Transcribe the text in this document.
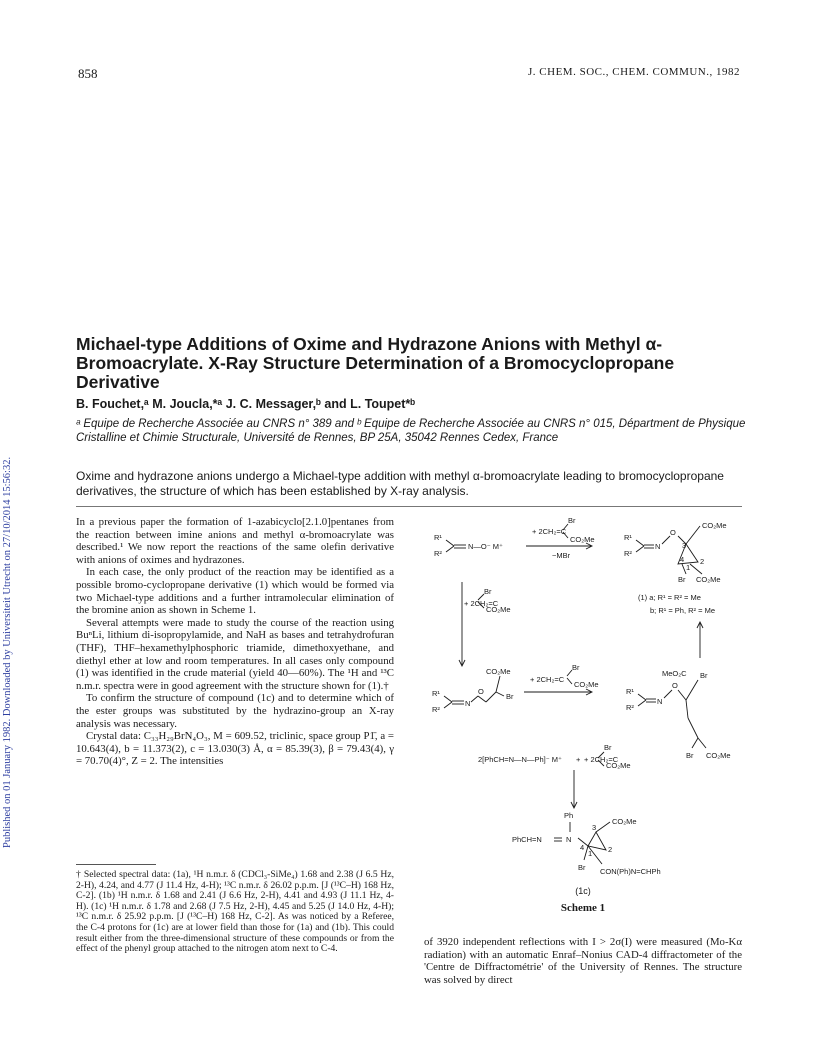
Published on 01 January 1982. Downloaded by Universiteit Utrecht on 27/10/2014 15:56:32.
858	J. CHEM. SOC., CHEM. COMMUN., 1982
Michael-type Additions of Oxime and Hydrazone Anions with Methyl α-Bromoacrylate. X-Ray Structure Determination of a Bromocyclopropane Derivative
B. Fouchet,ᵃ M. Joucla,*ᵃ J. C. Messager,ᵇ and L. Toupet*ᵇ
ᵃ Equipe de Recherche Associée au CNRS n° 389 and ᵇ Equipe de Recherche Associée au CNRS n° 015, Départment de Physique Cristalline et Chimie Structurale, Université de Rennes, BP 25A, 35042 Rennes Cedex, France
Oxime and hydrazone anions undergo a Michael-type addition with methyl α-bromoacrylate leading to bromocyclopropane derivatives, the structure of which has been established by X-ray analysis.

In a previous paper the formation of 1-azabicyclo[2.1.0]pentanes from the reaction between imine anions and methyl α-bromoacrylate was described.¹ We now report the reactions of the same olefin derivative with anions of oximes and hydrazones.

In each case, the only product of the reaction may be identified as a possible bromo-cyclopropane derivative (1) which would be formed via two Michael-type additions and a further intramolecular elimination of the bromine anion as shown in Scheme 1.

Several attempts were made to study the course of the reaction using BuⁿLi, lithium di-isopropylamide, and NaH as bases and tetrahydrofuran (THF), THF–hexamethylphosphoric triamide, dimethoxyethane, and diethyl ether at low and room temperatures. In all cases only compound (1) was identified in the crude material (yield 40—60%). The ¹H and ¹³C n.m.r. spectra were in good agreement with the structure shown for (1).†

To confirm the structure of compound (1c) and to determine which of the ester groups was substituted by the hydrazino-group an X-ray analysis was necessary.

Crystal data: C₃₃H₂₉BrN₄O₃, M = 609.52, triclinic, space group P1̄, a = 10.643(4), b = 11.373(2), c = 13.030(3) Å, α = 85.39(3), β = 79.43(4), γ = 70.70(4)°, Z = 2. The intensities

† Selected spectral data: (1a), ¹H n.m.r. δ (CDCl₃-SiMe₄) 1.68 and 2.38 (J 6.5 Hz, 2-H), 4.24, and 4.77 (J 11.4 Hz, 4-H); ¹³C n.m.r. δ 26.02 p.p.m. [J (¹³C–H) 168 Hz, C-2]. (1b) ¹H n.m.r. δ 1.68 and 2.41 (J 6.6 Hz, 2-H), 4.41 and 4.93 (J 11.1 Hz, 4-H). (1c) ¹H n.m.r. δ 1.78 and 2.68 (J 7.5 Hz, 2-H), 4.45 and 5.25 (J 14.0 Hz, 4-H); ¹³C n.m.r. δ 25.92 p.p.m. [J (¹³C–H) 168 Hz, C-2]. As was noticed by a Referee, the C-4 protons for (1c) are at lower field than those for (1a) and (1b). This could result either from the three-dimensional structure of these compounds or from the effect of the phenyl group attached to the nitrogen atom next to C-4.
R¹
R²
N—O⁻ M⁺
+ 2CH₂=C
Br
CO₂Me
−MBr
R¹
R²
N
O
CO₂Me
Br CO₂Me
3
2
4
1
(1) a; R¹ = R² = Me
b; R¹ = Ph, R² = Me
+ 2CH₂=C
Br
CO₂Me
R¹
R²
N
O
CO₂Me
Br
+ 2CH₂=C
Br
CO₂Me
R¹
R²
N
O
MeO₂C Br
Br CO₂Me
2[PhCH=N—N—Ph]⁻ M⁺ + + 2CH₂=C
Br
CO₂Me
Ph
PhCH=N	N
CO₂Me
3
4	2
1
Br CON(Ph)N=CHPh
(1c)
Scheme 1
of 3920 independent reflections with I > 2σ(I) were measured (Mo-Kα radiation) with an automatic Enraf–Nonius CAD-4 diffractometer of the 'Centre de Diffractométrie' of the University of Rennes. The structure was solved by direct
